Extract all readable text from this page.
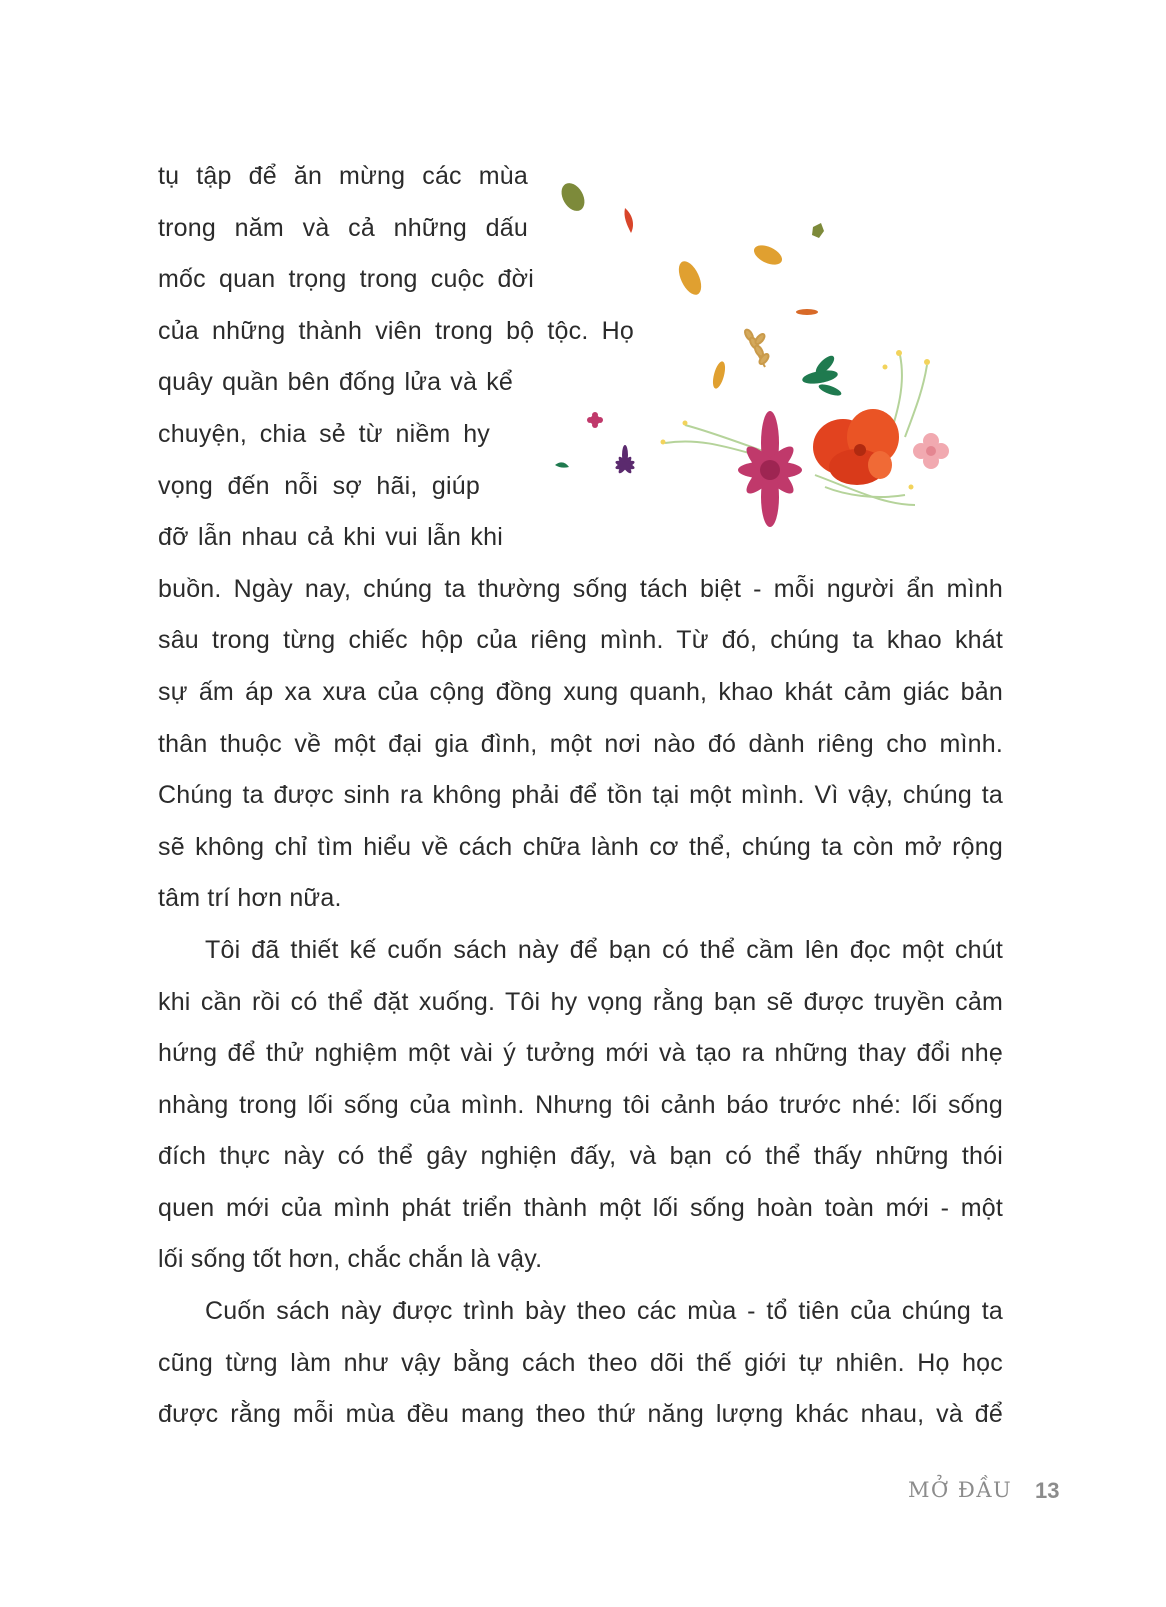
tụ tập để ăn mừng các mùa
trong năm và cả những dấu
mốc quan trọng trong cuộc đời
của những thành viên trong bộ tộc. Họ
quây quần bên đống lửa và kể
chuyện, chia sẻ từ niềm hy
vọng đến nỗi sợ hãi, giúp
đỡ lẫn nhau cả khi vui lẫn khi
buồn. Ngày nay, chúng ta thường sống tách biệt - mỗi người ẩn mình
sâu trong từng chiếc hộp của riêng mình. Từ đó, chúng ta khao khát
sự ấm áp xa xưa của cộng đồng xung quanh, khao khát cảm giác bản
thân thuộc về một đại gia đình, một nơi nào đó dành riêng cho mình.
Chúng ta được sinh ra không phải để tồn tại một mình. Vì vậy, chúng ta
sẽ không chỉ tìm hiểu về cách chữa lành cơ thể, chúng ta còn mở rộng
tâm trí hơn nữa.
Tôi đã thiết kế cuốn sách này để bạn có thể cầm lên đọc một chút
khi cần rồi có thể đặt xuống. Tôi hy vọng rằng bạn sẽ được truyền cảm
hứng để thử nghiệm một vài ý tưởng mới và tạo ra những thay đổi nhẹ
nhàng trong lối sống của mình. Nhưng tôi cảnh báo trước nhé: lối sống
đích thực này có thể gây nghiện đấy, và bạn có thể thấy những thói
quen mới của mình phát triển thành một lối sống hoàn toàn mới - một
lối sống tốt hơn, chắc chắn là vậy.
Cuốn sách này được trình bày theo các mùa - tổ tiên của chúng ta
cũng từng làm như vậy bằng cách theo dõi thế giới tự nhiên. Họ học
được rằng mỗi mùa đều mang theo thứ năng lượng khác nhau, và để
MỞ ĐẦU 13
